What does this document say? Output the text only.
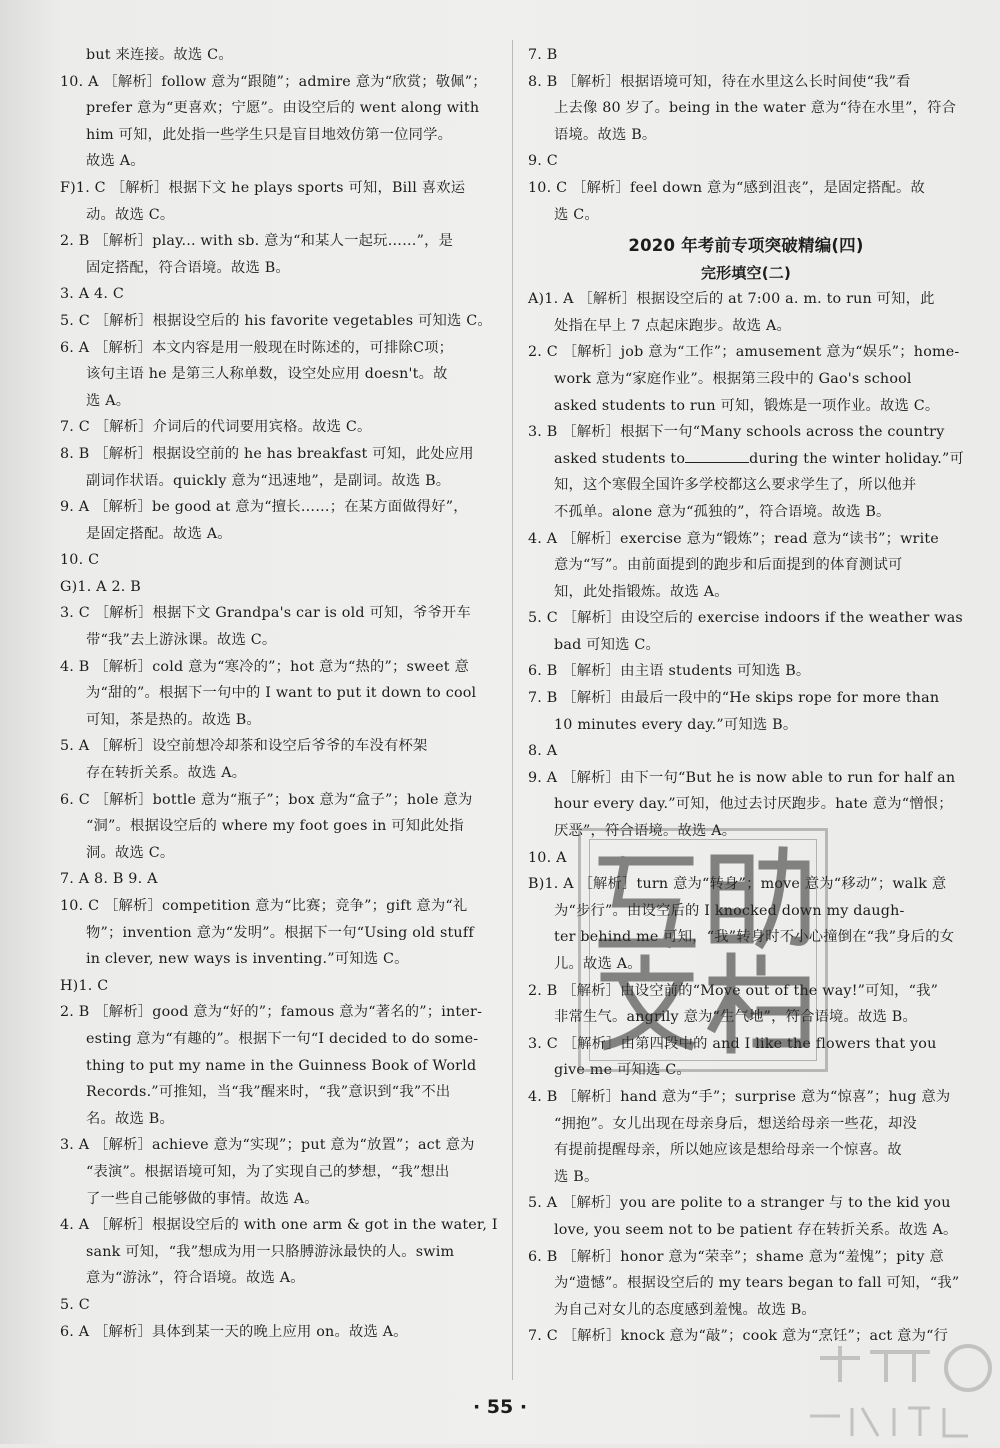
but 来连接。故选 C。
10. A ［解析］follow 意为“跟随”；admire 意为“欣赏；敬佩”；
prefer 意为“更喜欢；宁愿”。由设空后的 went along with
him 可知，此处指一些学生只是盲目地效仿第一位同学。
故选 A。
F)1. C ［解析］根据下文 he plays sports 可知，Bill 喜欢运
动。故选 C。
2. B ［解析］play... with sb. 意为“和某人一起玩……”，是
固定搭配，符合语境。故选 B。
3. A 4. C
5. C ［解析］根据设空后的 his favorite vegetables 可知选 C。
6. A ［解析］本文内容是用一般现在时陈述的，可排除C项；
该句主语 he 是第三人称单数，设空处应用 doesn't。故
选 A。
7. C ［解析］介词后的代词要用宾格。故选 C。
8. B ［解析］根据设空前的 he has breakfast 可知，此处应用
副词作状语。quickly 意为“迅速地”，是副词。故选 B。
9. A ［解析］be good at 意为“擅长……；在某方面做得好”，
是固定搭配。故选 A。
10. C
G)1. A 2. B
3. C ［解析］根据下文 Grandpa's car is old 可知，爷爷开车
带“我”去上游泳课。故选 C。
4. B ［解析］cold 意为“寒冷的”；hot 意为“热的”；sweet 意
为“甜的”。根据下一句中的 I want to put it down to cool
可知，茶是热的。故选 B。
5. A ［解析］设空前想冷却茶和设空后爷爷的车没有杯架
存在转折关系。故选 A。
6. C ［解析］bottle 意为“瓶子”；box 意为“盒子”；hole 意为
“洞”。根据设空后的 where my foot goes in 可知此处指
洞。故选 C。
7. A 8. B 9. A
10. C ［解析］competition 意为“比赛；竞争”；gift 意为“礼
物”；invention 意为“发明”。根据下一句“Using old stuff
in clever, new ways is inventing.”可知选 C。
H)1. C
2. B ［解析］good 意为“好的”；famous 意为“著名的”；inter-
esting 意为“有趣的”。根据下一句“I decided to do some-
thing to put my name in the Guinness Book of World
Records.”可推知，当“我”醒来时，“我”意识到“我”不出
名。故选 B。
3. A ［解析］achieve 意为“实现”；put 意为“放置”；act 意为
“表演”。根据语境可知，为了实现自己的梦想，“我”想出
了一些自己能够做的事情。故选 A。
4. A ［解析］根据设空后的 with one arm & got in the water, I
sank 可知，“我”想成为用一只胳膊游泳最快的人。swim
意为“游泳”，符合语境。故选 A。
5. C
6. A ［解析］具体到某一天的晚上应用 on。故选 A。
7. B
8. B ［解析］根据语境可知，待在水里这么长时间使“我”看
上去像 80 岁了。being in the water 意为“待在水里”，符合
语境。故选 B。
9. C
10. C ［解析］feel down 意为“感到沮丧”，是固定搭配。故
选 C。
2020 年考前专项突破精编(四)
完形填空(二)
A)1. A ［解析］根据设空后的 at 7:00 a. m. to run 可知，此
处指在早上 7 点起床跑步。故选 A。
2. C ［解析］job 意为“工作”；amusement 意为“娱乐”；home-
work 意为“家庭作业”。根据第三段中的 Gao's school
asked students to run 可知，锻炼是一项作业。故选 C。
3. B ［解析］根据下一句“Many schools across the country
asked students to	during the winter holiday.”可
知，这个寒假全国许多学校都这么要求学生了，所以他并
不孤单。alone 意为“孤独的”，符合语境。故选 B。
4. A ［解析］exercise 意为“锻炼”；read 意为“读书”；write
意为“写”。由前面提到的跑步和后面提到的体育测试可
知，此处指锻炼。故选 A。
5. C ［解析］由设空后的 exercise indoors if the weather was
bad 可知选 C。
6. B ［解析］由主语 students 可知选 B。
7. B ［解析］由最后一段中的“He skips rope for more than
10 minutes every day.”可知选 B。
8. A
9. A ［解析］由下一句“But he is now able to run for half an
hour every day.”可知，他过去讨厌跑步。hate 意为“憎恨；
厌恶”，符合语境。故选 A。
10. A
B)1. A ［解析］turn 意为“转身”；move 意为“移动”；walk 意
为“步行”。由设空后的 I knocked down my daugh-
ter behind me 可知，“我”转身时不小心撞倒在“我”身后的女
儿。故选 A。
2. B ［解析］由设空前的“Move out of the way!”可知，“我”
非常生气。angrily 意为“生气地”，符合语境。故选 B。
3. C ［解析］由第四段中的 and I like the flowers that you
give me 可知选 C。
4. B ［解析］hand 意为“手”；surprise 意为“惊喜”；hug 意为
“拥抱”。女儿出现在母亲身后，想送给母亲一些花，却没
有提前提醒母亲，所以她应该是想给母亲一个惊喜。故
选 B。
5. A ［解析］you are polite to a stranger 与 to the kid you
love, you seem not to be patient 存在转折关系。故选 A。
6. B ［解析］honor 意为“荣幸”；shame 意为“羞愧”；pity 意
为“遗憾”。根据设空后的 my tears began to fall 可知，“我”
为自己对女儿的态度感到羞愧。故选 B。
7. C ［解析］knock 意为“敲”；cook 意为“烹饪”；act 意为“行
· 55 ·
